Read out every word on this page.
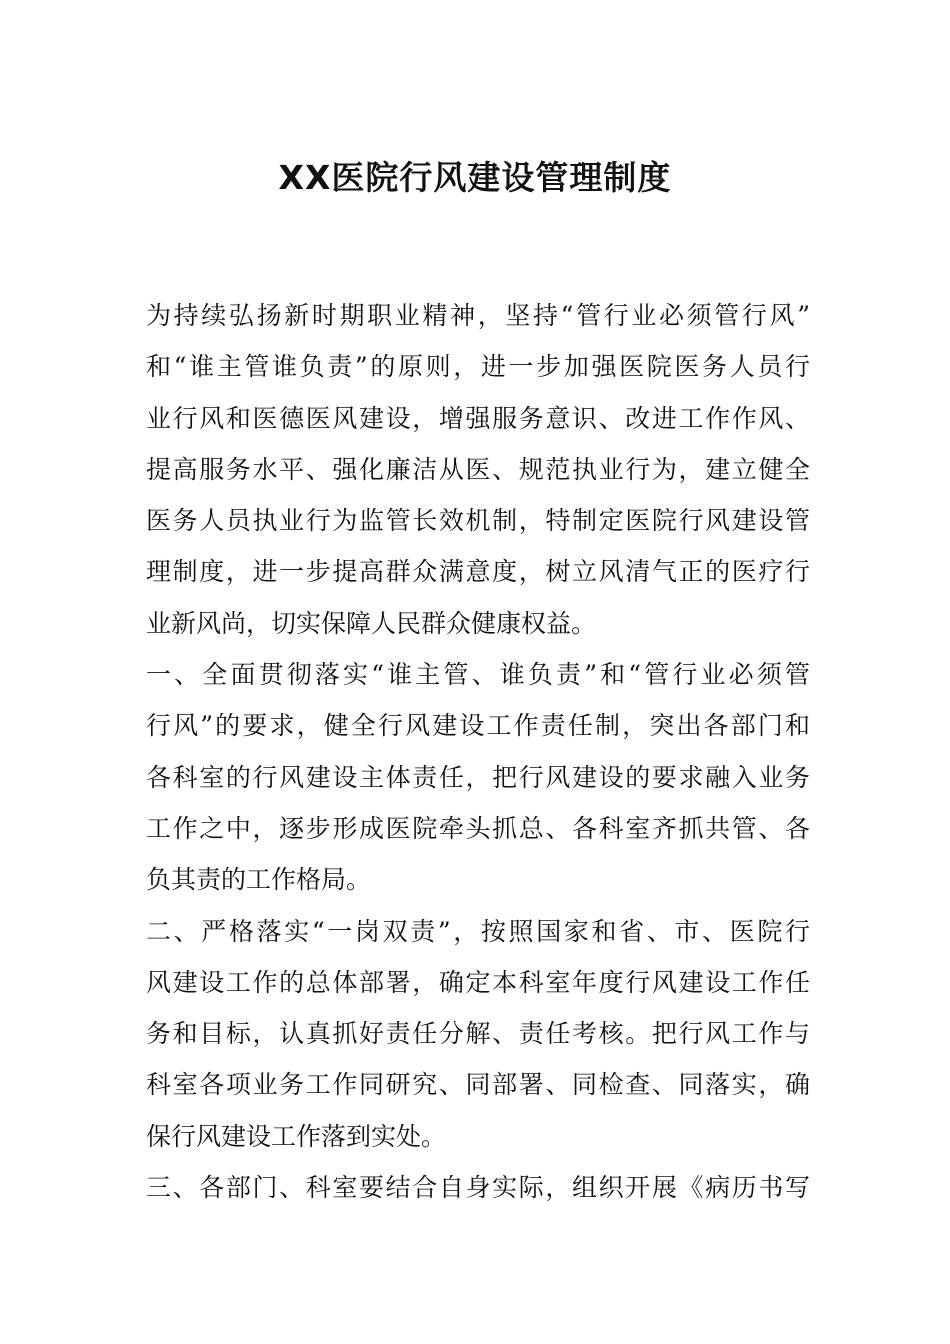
XX医院行风建设管理制度
为持续弘扬新时期职业精神，坚持“管行业必须管行风”
和“谁主管谁负责”的原则，进一步加强医院医务人员行
业行风和医德医风建设，增强服务意识、改进工作作风、
提高服务水平、强化廉洁从医、规范执业行为，建立健全
医务人员执业行为监管长效机制，特制定医院行风建设管
理制度，进一步提高群众满意度，树立风清气正的医疗行
业新风尚，切实保障人民群众健康权益。
一、全面贯彻落实“谁主管、谁负责”和“管行业必须管
行风”的要求，健全行风建设工作责任制，突出各部门和
各科室的行风建设主体责任，把行风建设的要求融入业务
工作之中，逐步形成医院牵头抓总、各科室齐抓共管、各
负其责的工作格局。
二、严格落实“一岗双责”，按照国家和省、市、医院行
风建设工作的总体部署，确定本科室年度行风建设工作任
务和目标，认真抓好责任分解、责任考核。把行风工作与
科室各项业务工作同研究、同部署、同检查、同落实，确
保行风建设工作落到实处。
三、各部门、科室要结合自身实际，组织开展《病历书写
